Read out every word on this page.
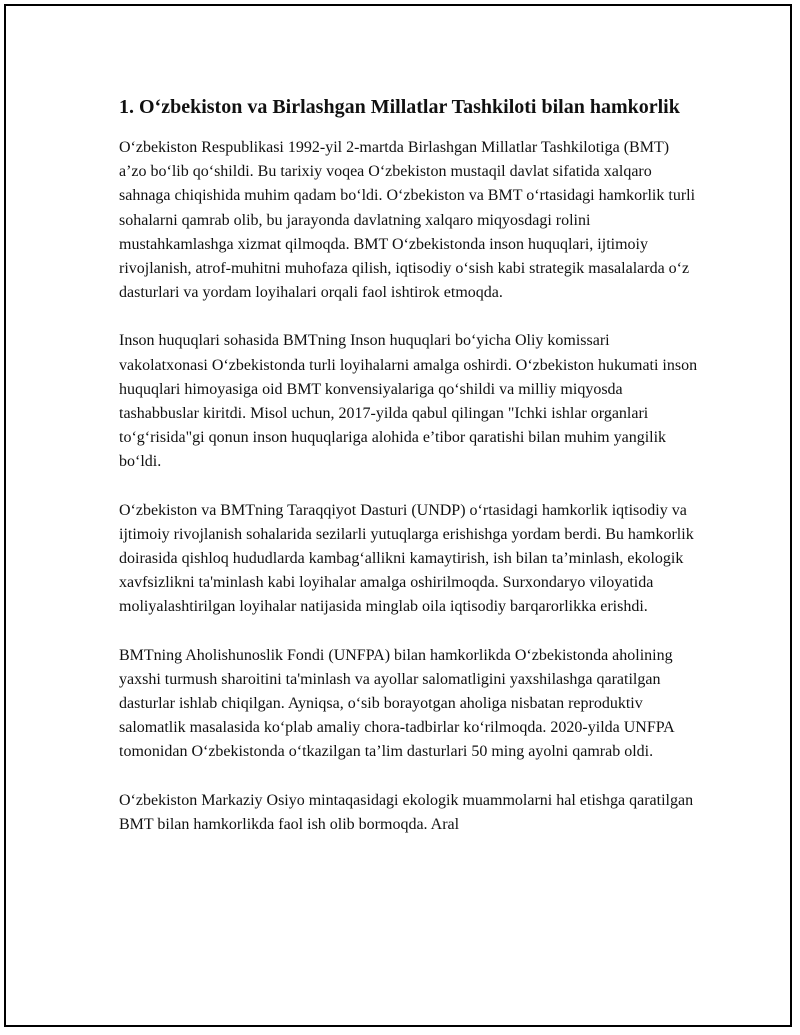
1. O‘zbekiston va Birlashgan Millatlar Tashkiloti bilan hamkorlik

O‘zbekiston Respublikasi 1992-yil 2-martda Birlashgan Millatlar Tashkilotiga (BMT) a’zo bo‘lib qo‘shildi. Bu tarixiy voqea O‘zbekiston mustaqil davlat sifatida xalqaro sahnaga chiqishida muhim qadam bo‘ldi. O‘zbekiston va BMT o‘rtasidagi hamkorlik turli sohalarni qamrab olib, bu jarayonda davlatning xalqaro miqyosdagi rolini mustahkamlashga xizmat qilmoqda. BMT O‘zbekistonda inson huquqlari, ijtimoiy rivojlanish, atrof-muhitni muhofaza qilish, iqtisodiy o‘sish kabi strategik masalalarda o‘z dasturlari va yordam loyihalari orqali faol ishtirok etmoqda.

Inson huquqlari sohasida BMTning Inson huquqlari bo‘yicha Oliy komissari vakolatxonasi O‘zbekistonda turli loyihalarni amalga oshirdi. O‘zbekiston hukumati inson huquqlari himoyasiga oid BMT konvensiyalariga qo‘shildi va milliy miqyosda tashabbuslar kiritdi. Misol uchun, 2017-yilda qabul qilingan "Ichki ishlar organlari to‘g‘risida"gi qonun inson huquqlariga alohida e’tibor qaratishi bilan muhim yangilik bo‘ldi.

O‘zbekiston va BMTning Taraqqiyot Dasturi (UNDP) o‘rtasidagi hamkorlik iqtisodiy va ijtimoiy rivojlanish sohalarida sezilarli yutuqlarga erishishga yordam berdi. Bu hamkorlik doirasida qishloq hududlarda kambag‘allikni kamaytirish, ish bilan ta’minlash, ekologik xavfsizlikni ta'minlash kabi loyihalar amalga oshirilmoqda. Surxondaryo viloyatida moliyalashtirilgan loyihalar natijasida minglab oila iqtisodiy barqarorlikka erishdi.

BMTning Aholishunoslik Fondi (UNFPA) bilan hamkorlikda O‘zbekistonda aholining yaxshi turmush sharoitini ta'minlash va ayollar salomatligini yaxshilashga qaratilgan dasturlar ishlab chiqilgan. Ayniqsa, o‘sib borayotgan aholiga nisbatan reproduktiv salomatlik masalasida ko‘plab amaliy chora-tadbirlar ko‘rilmoqda. 2020-yilda UNFPA tomonidan O‘zbekistonda o‘tkazilgan ta’lim dasturlari 50 ming ayolni qamrab oldi.

O‘zbekiston Markaziy Osiyo mintaqasidagi ekologik muammolarni hal etishga qaratilgan BMT bilan hamkorlikda faol ish olib bormoqda. Aral
